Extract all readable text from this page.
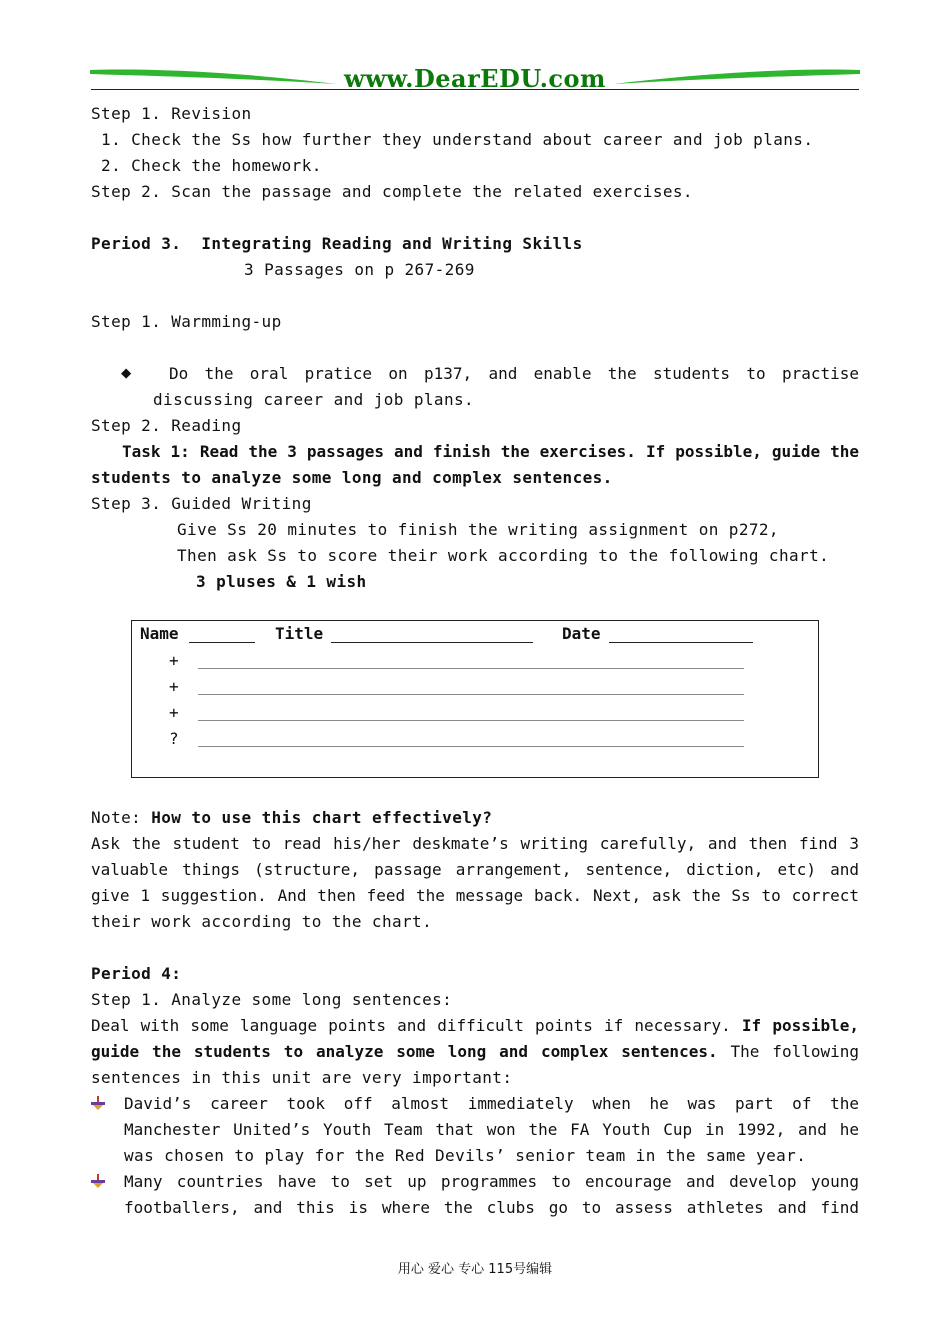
www.DearEDU.com
Step 1. Revision
1. Check the Ss how further they understand about career and job plans.
2. Check the homework.
Step 2. Scan the passage and complete the related exercises.
Period 3.  Integrating Reading and Writing Skills
3 Passages on p 267-269
Step 1. Warmming-up
◆ Do the oral pratice on p137, and enable the students to practise
discussing career and job plans.
Step 2. Reading
Task 1: Read the 3 passages and finish the exercises. If possible, guide the
students to analyze some long and complex sentences.
Step 3. Guided Writing
Give Ss 20 minutes to finish the writing assignment on p272,
Then ask Ss to score their work according to the following chart.
3 pluses & 1 wish
Name	Title	Date
+
+
+
?
Note: How to use this chart effectively?
Ask the student to read his/her deskmate’s writing carefully, and then find 3
valuable things (structure, passage arrangement, sentence, diction, etc) and
give 1 suggestion. And then feed the message back. Next, ask the Ss to correct
their work according to the chart.
Period 4:
Step 1. Analyze some long sentences:
Deal with some language points and difficult points if necessary. If possible,
guide the students to analyze some long and complex sentences. The following
sentences in this unit are very important:
David’s career took off almost immediately when he was part of the
Manchester United’s Youth Team that won the FA Youth Cup in 1992, and he
was chosen to play for the Red Devils’ senior team in the same year.
Many countries have to set up programmes to encourage and develop young
footballers, and this is where the clubs go to assess athletes and find
用心 爱心 专心 115号编辑
